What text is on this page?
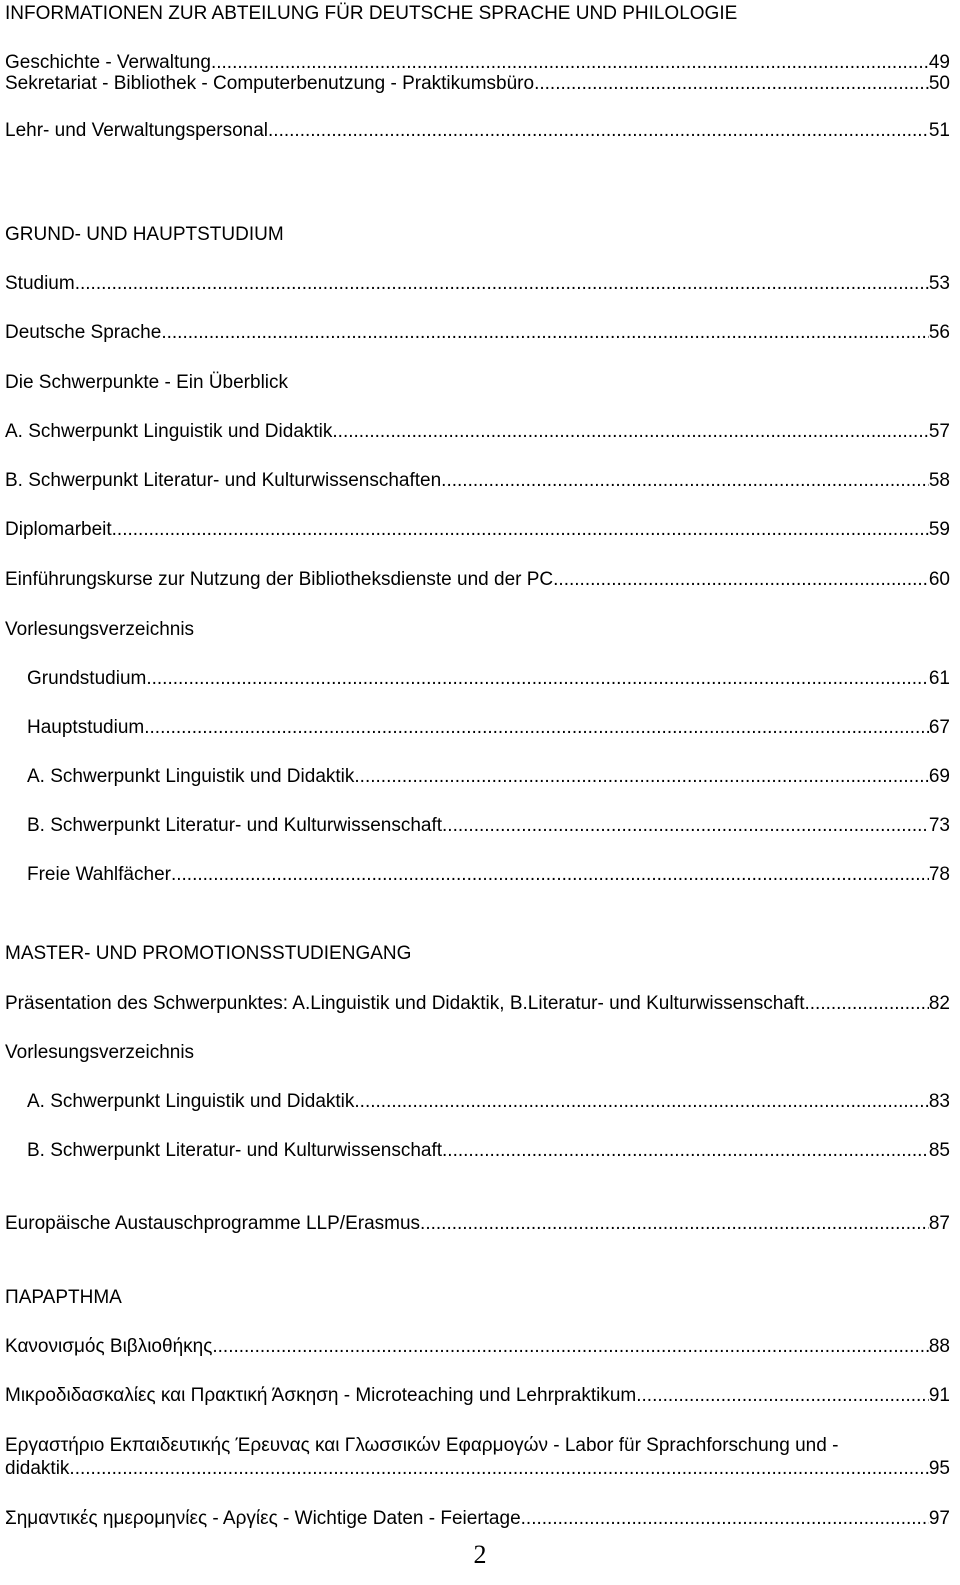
INFORMATIONEN ZUR ABTEILUNG FÜR DEUTSCHE SPRACHE UND PHILOLOGIE
Geschichte - Verwaltung .....	49
Sekretariat - Bibliothek - Computerbenutzung - Praktikumsbüro .....	50
Lehr- und Verwaltungspersonal .....	51
GRUND- UND HAUPTSTUDIUM
Studium .....	53
Deutsche Sprache .....	56
Die Schwerpunkte - Ein Überblick
A. Schwerpunkt Linguistik und Didaktik .....	57
B. Schwerpunkt Literatur- und Kulturwissenschaften .....	58
Diplomarbeit .....	59
Einführungskurse zur Nutzung der Bibliotheksdienste und der PC .....	60
Vorlesungsverzeichnis
Grundstudium .....	61
Hauptstudium .....	67
A. Schwerpunkt Linguistik und Didaktik .....	69
B. Schwerpunkt Literatur- und Kulturwissenschaft .....	73
Freie Wahlfächer .....	78
MASTER- UND PROMOTIONSSTUDIENGANG
Präsentation des Schwerpunktes: A.Linguistik und Didaktik, B.Literatur- und Kulturwissenschaft .....	82
Vorlesungsverzeichnis
A. Schwerpunkt Linguistik und Didaktik .....	83
B. Schwerpunkt Literatur- und Kulturwissenschaft .....	85
Europäische Austauschprogramme LLP/Erasmus .....	87
ΠΑΡΑΡΤΗΜΑ
Κανονισμός Βιβλιοθήκης .....	88
Μικροδιδασκαλίες και Πρακτική Άσκηση - Microteaching und Lehrpraktikum .....	91
Εργαστήριο Εκπαιδευτικής Έρευνας και Γλωσσικών Εφαρμογών - Labor für Sprachforschung und -
didaktik .....	95
Σημαντικές ημερομηνίες - Αργίες - Wichtige Daten - Feiertage .....	97
2
